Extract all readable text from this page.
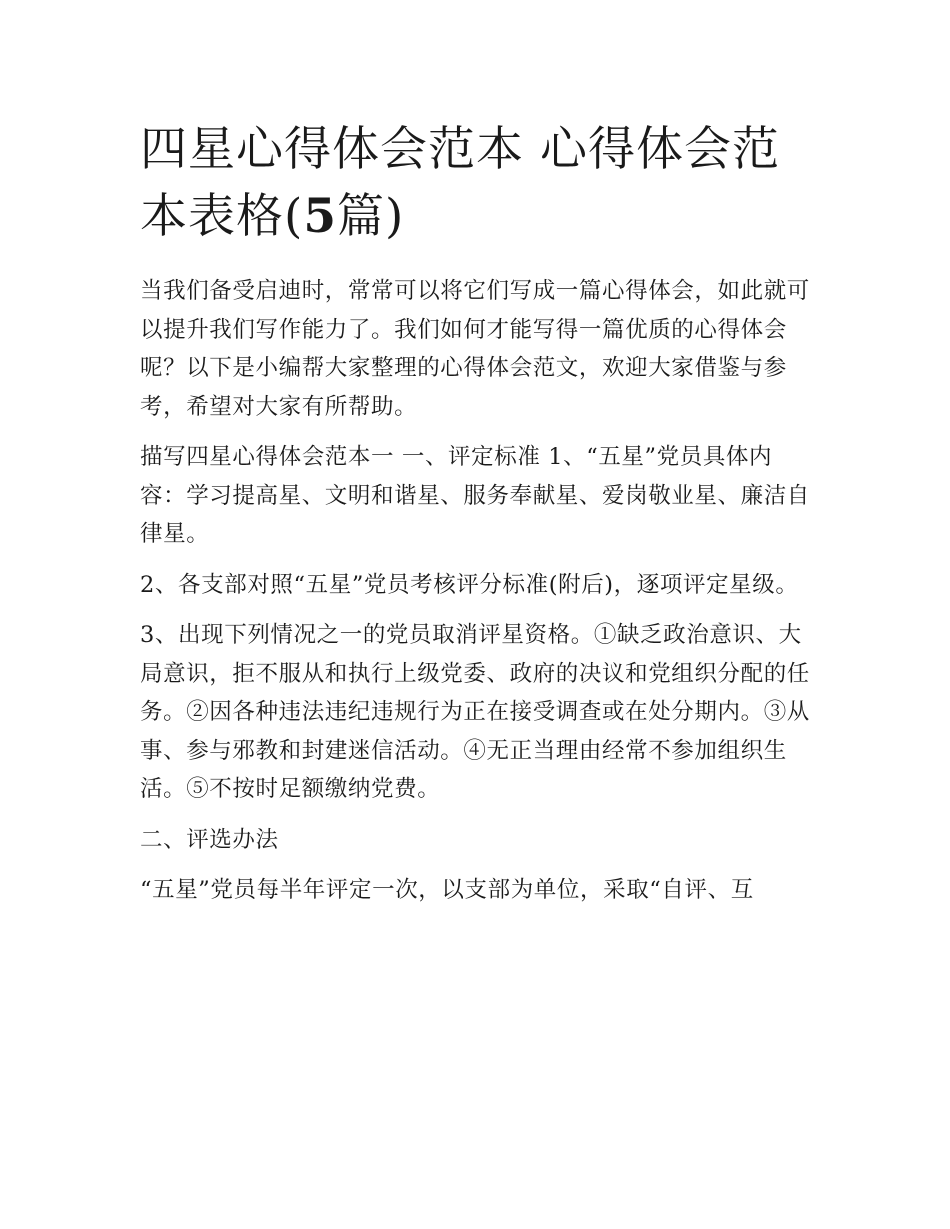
四星心得体会范本 心得体会范本表格(5篇)

当我们备受启迪时，常常可以将它们写成一篇心得体会，如此就可以提升我们写作能力了。我们如何才能写得一篇优质的心得体会呢？以下是小编帮大家整理的心得体会范文，欢迎大家借鉴与参考，希望对大家有所帮助。

描写四星心得体会范本一 一、评定标准 1、“五星”党员具体内容：学习提高星、文明和谐星、服务奉献星、爱岗敬业星、廉洁自律星。

2、各支部对照“五星”党员考核评分标准(附后)，逐项评定星级。

3、出现下列情况之一的党员取消评星资格。①缺乏政治意识、大局意识，拒不服从和执行上级党委、政府的决议和党组织分配的任务。②因各种违法违纪违规行为正在接受调查或在处分期内。③从事、参与邪教和封建迷信活动。④无正当理由经常不参加组织生活。⑤不按时足额缴纳党费。

二、评选办法

“五星”党员每半年评定一次，以支部为单位，采取“自评、互
